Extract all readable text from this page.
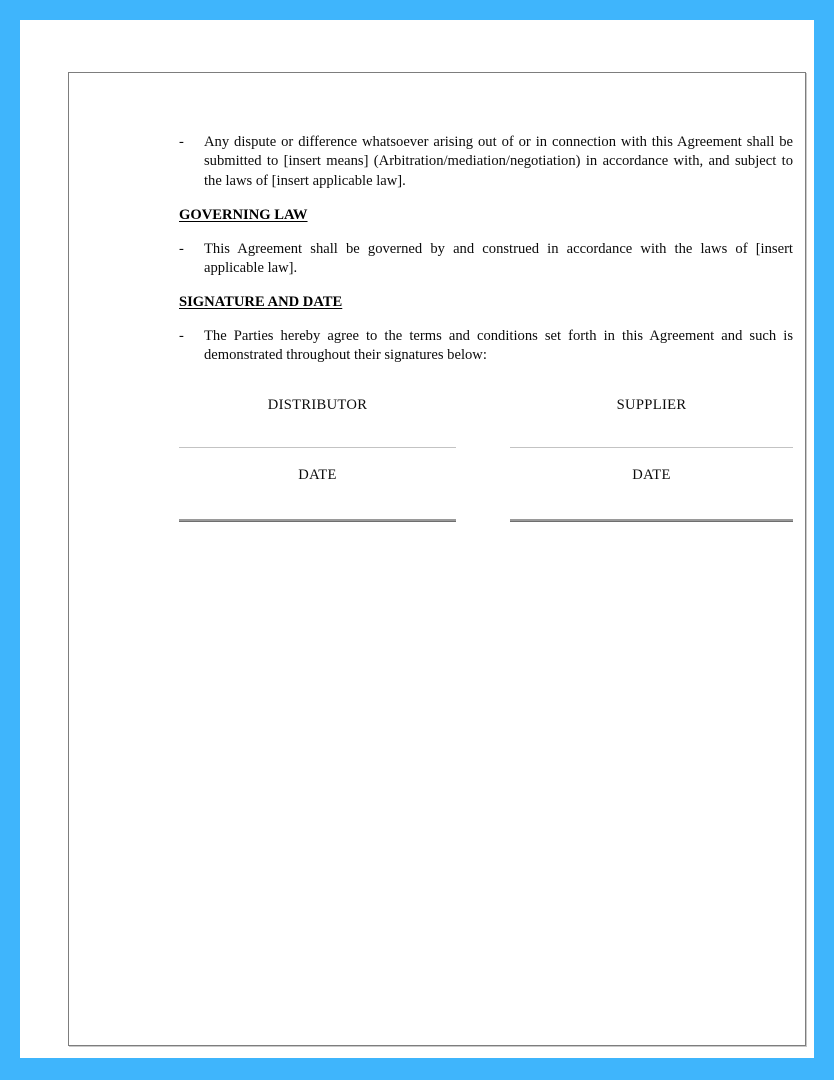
- Any dispute or difference whatsoever arising out of or in connection with this Agreement shall be submitted to [insert means] (Arbitration/mediation/negotiation) in accordance with, and subject to the laws of [insert applicable law].
GOVERNING LAW
- This Agreement shall be governed by and construed in accordance with the laws of [insert applicable law].
SIGNATURE AND DATE
- The Parties hereby agree to the terms and conditions set forth in this Agreement and such is demonstrated throughout their signatures below:
DISTRIBUTOR	SUPPLIER
DATE	DATE
